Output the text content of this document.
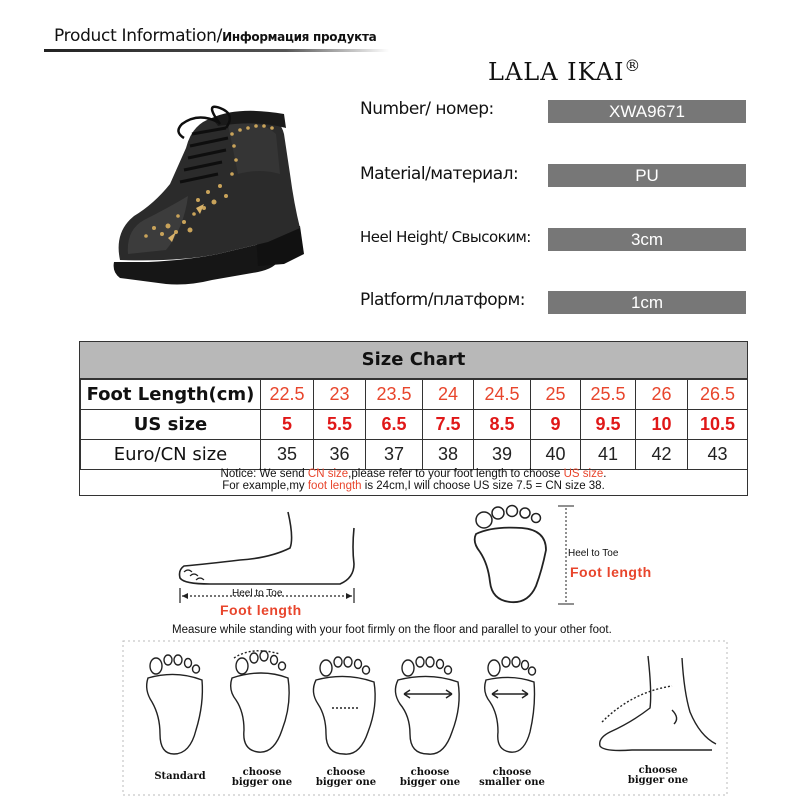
Product Information/Информация продукта
LALA IKAI®
Number/ номер:	XWA9671
Material/материал:	PU
Heel Height/ Свысоким:	3cm
Platform/платформ:	1cm
Size Chart
Foot Length(cm)	22.5	23	23.5	24	24.5	25	25.5	26	26.5
US size	5	5.5	6.5	7.5	8.5	9	9.5	10	10.5
Euro/CN size	35	36	37	38	39	40	41	42	43
Notice: We send CN size,please refer to your foot length to choose US size.
For example,my foot length is 24cm,I will choose US size 7.5 = CN size 38.
Heel to Toe
Foot length
Heel to Toe
Foot length
Measure while standing with your foot firmly on the floor and parallel to your other foot.
Standard	choose
bigger one
choose
bigger one
choose
bigger one
choose
smaller one
choose
bigger one
